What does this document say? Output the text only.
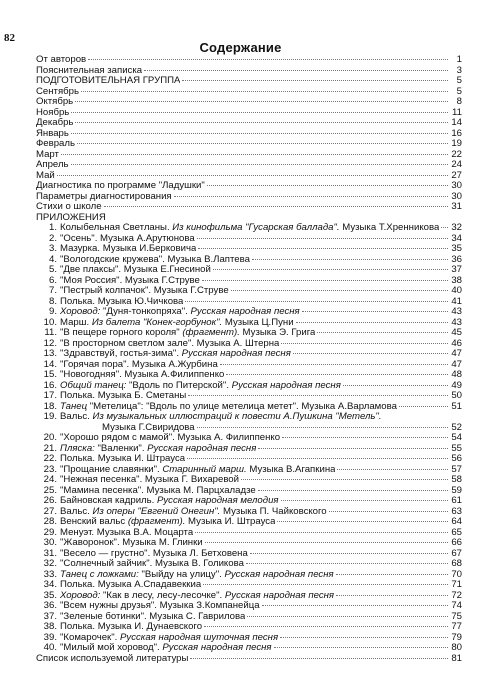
82
Содержание
От авторов	1
Пояснительная записка	3
ПОДГОТОВИТЕЛЬНАЯ ГРУППА	5
Сентябрь	5
Октябрь	8
Ноябрь	11
Декабрь	14
Январь	16
Февраль	19
Март	22
Апрель	24
Май	27
Диагностика по программе "Ладушки"	30
Параметры диагностирования	30
Стихи о школе	31
ПРИЛОЖЕНИЯ
1. Колыбельная Светланы. Из кинофильма "Гусарская баллада". Музыка Т.Хренникова 32
2. "Осень". Музыка А.Арутюнова	34
3. Мазурка. Музыка И.Берковича	35
4. "Вологодские кружева". Музыка В.Лаптева	36
5. "Две плаксы". Музыка Е.Гнесиной	37
6. "Моя Россия". Музыка Г.Струве	38
7. "Пестрый колпачок". Музыка Г.Струве	40
8. Полька. Музыка Ю.Чичкова	41
9. Хоровод: "Дуня-тонкопряха". Русская народная песня	43
10. Марш. Из балета "Конек-горбунок". Музыка Ц.Пуни	43
11. "В пещере горного короля" (фрагмент). Музыка Э. Грига	45
12. "В просторном светлом зале". Музыка А. Штерна	46
13. "Здравствуй, гостья-зима". Русская народная песня	47
14. "Горячая пора". Музыка А.Журбина	47
15. "Новогодняя". Музыка А.Филиппенко	48
16. Общий танец: "Вдоль по Питерской". Русская народная песня	49
17. Полька. Музыка Б. Сметаны	50
18. Танец "Метелица": "Вдоль по улице метелица метет". Музыка А.Варламова	51
19. Вальс. Из музыкальных иллюстраций к повести А.Пушкина "Метель".
Музыка Г.Свиридова	52
20. "Хорошо рядом с мамой". Музыка А. Филиппенко	54
21. Пляска: "Валенки". Русская народная песня	55
22. Полька. Музыка И. Штрауса	56
23. "Прощание славянки". Старинный марш. Музыка В.Агапкина	57
24. "Нежная песенка". Музыка Г. Вихаревой	58
25. "Мамина песенка". Музыка М. Парцхаладзе	59
26. Байновская кадриль. Русская народная мелодия	61
27. Вальс. Из оперы "Евгений Онегин". Музыка П. Чайковского	63
28. Венский вальс (фрагмент). Музыка И. Штрауса	64
29. Менуэт. Музыка В.А. Моцарта	65
30. "Жаворонок". Музыка М. Глинки	66
31. "Весело — грустно". Музыка Л. Бетховена	67
32. "Солнечный зайчик". Музыка В. Голикова	68
33. Танец с ложками: "Выйду на улицу". Русская народная песня	70
34. Полька. Музыка А.Спадавеккиа	71
35. Хоровод: "Как в лесу, лесу-лесочке". Русская народная песня	72
36. "Всем нужны друзья". Музыка З.Компанейца	74
37. "Зеленые ботинки". Музыка С. Гаврилова	75
38. Полька. Музыка И. Дунаевского	77
39. "Комарочек". Русская народная шуточная песня	79
40. "Милый мой хоровод". Русская народная песня	80
Список используемой литературы	81
